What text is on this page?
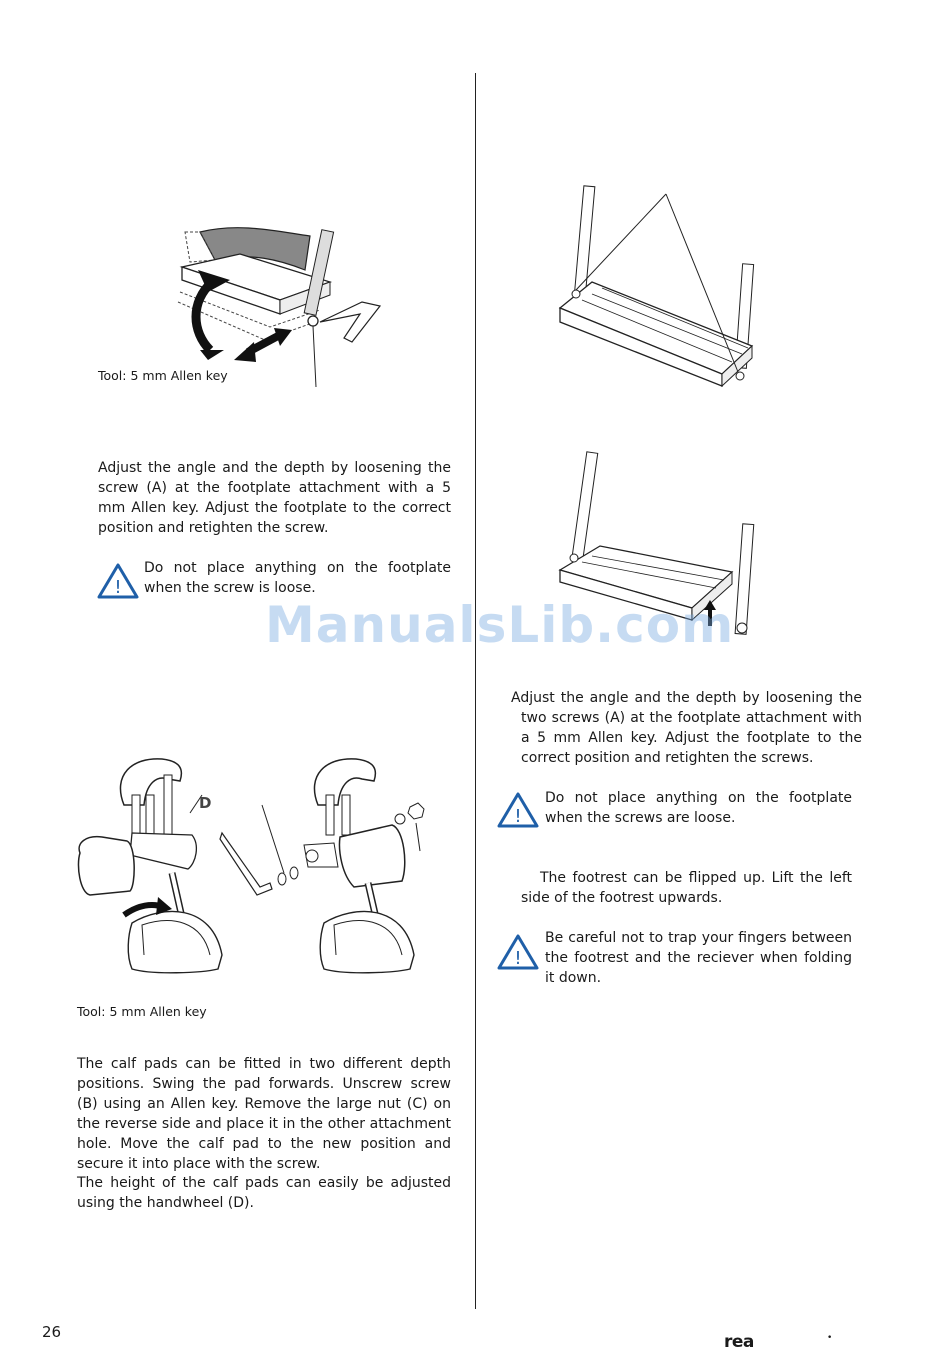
Tool: 5 mm Allen key

Adjust the angle and the depth by loosening the screw (A) at the footplate attachment with a 5 mm Allen key. Adjust the footplate to the correct position and retighten the screw.

!

Do not place anything on the footplate when the screw is loose.

D
Tool: 5 mm Allen key

The calf pads can be fitted in two different depth positions. Swing the pad forwards. Unscrew screw (B) using an Allen key. Remove the large nut (C) on the reverse side and place it in the other attachment hole. Move the calf pad to the new position and secure it into place with the screw.

The height of the calf pads can easily be adjusted using the handwheel (D).

26

Adjust the angle and the depth by loosening the two screws (A) at the footplate attachment with a 5 mm Allen key. Adjust the footplate to the correct position and retighten the screws.

!

Do not place anything on the footplate when the screws are loose.

The footrest can be flipped up. Lift the left side of the footrest upwards.

!

Be careful not to trap your fingers between the footrest and the reciever when folding it down.

rea	•
ManualsLib.com
